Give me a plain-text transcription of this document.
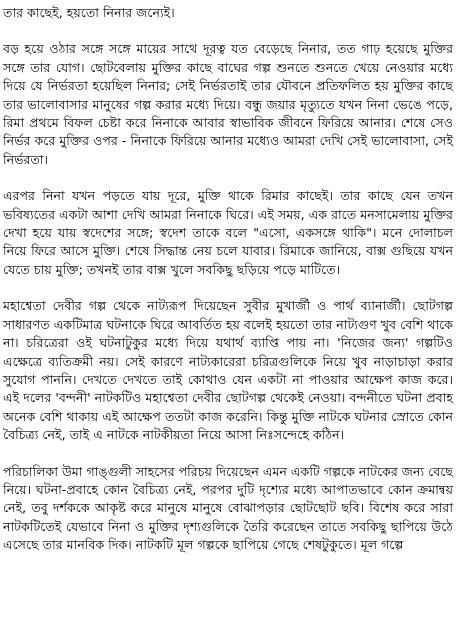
তার কাছেই, হয়তো নিনার জন্যেই।

বড় হয়ে ওঠার সঙ্গে সঙ্গে মায়ের সাথে দূরত্ব যত বেড়েছে নিনার, তত গাঢ় হয়েছে মুক্তির সঙ্গে তার যোগ। ছোটবেলায় মুক্তির কাছে বাঘের গল্প শুনতে শুনতে খেয়ে নেওয়ার মধ্যে দিয়ে যে নির্ভরতা হয়েছিল নিনার; সেই নির্ভরতাই তার যৌবনে প্রতিফলিত হয় মুক্তির কাছে তার ভালোবাসার মানুষের গল্প করার মধ্যে দিয়ে। বন্ধু জয়ার মৃত্যুতে যখন নিনা ভেঙে পড়ে, রিমা প্রথমে বিফল চেষ্টা করে নিনাকে আবার স্বাভাবিক জীবনে ফিরিয়ে আনার। শেষে সেও নির্ভর করে মুক্তির ওপর - নিনাকে ফিরিয়ে আনার মধ্যেও আমরা দেখি সেই ভালোবাসা, সেই নির্ভরতা।

এরপর নিনা যখন পড়তে যায় দূরে, মুক্তি থাকে রিমার কাছেই। তার কাছে যেন তখন ভবিষ্যতের একটা আশা দেখি আমরা নিনাকে ঘিরে। এই সময়, এক রাতে মনসামেলায় মুক্তির দেখা হয়ে যায় স্বদেশের সঙ্গে; স্বদেশ তাকে বলে "এসো, একসঙ্গে থাকি"। মনে দোলাচল নিয়ে ফিরে আসে মুক্তি। শেষে সিদ্ধান্ত নেয় চলে যাবার। রিমাকে জানিয়ে, বাক্স গুছিয়ে যখন যেতে চায় মুক্তি; তখনই তার বাক্স খুলে সবকিছু ছড়িয়ে পড়ে মাটিতে।

মহাশ্বেতা দেবীর গল্প থেকে নাট্যরূপ দিয়েছেন সুবীর মুখার্জী ও পার্থ ব্যানার্জী। ছোটগল্প সাধারণত একটিমাত্র ঘটনাকে ঘিরে আবর্তিত হয় বলেই হয়তো তার নাট্যগুণ খুব বেশি থাকে না। চরিত্রেরা ওই ঘটনাটুকুর মধ্যে দিয়ে যথার্থ ব্যাপ্তি পায় না। 'নিজের জন্য' গল্পটিও এক্ষেত্রে ব্যতিক্রমী নয়। সেই কারণে নাট্যকারেরা চরিত্রগুলিকে নিয়ে খুব নাড়াচাড়া করার সুযোগ পাননি। দেখতে দেখতে তাই কোথাও যেন একটা না পাওয়ার আক্ষেপ কাজ করে। এই দলের 'বন্দনী' নাটকটিও মহাশ্বেতা দেবীর ছোটগল্প থেকেই নেওয়া। বন্দনীতে ঘটনা প্রবাহ অনেক বেশি থাকায় এই আক্ষেপ ততটা কাজ করেনি। কিন্তু মুক্তি নাটকে ঘটনার স্রোতে কোন বৈচিত্র্য নেই, তাই এ নাটকে নাটকীয়তা নিয়ে আসা নিঃসন্দেহে কঠিন।

পরিচালিকা উমা গাঙ্গুলী সাহসের পরিচয় দিয়েছেন এমন একটি গল্পকে নাটকের জন্য বেছে নিয়ে। ঘটনা-প্রবাহে কোন বৈচিত্র্য নেই, পরপর দুটি দৃশ্যের মধ্যে আপাতভাবে কোন ক্রমান্বয় নেই, তবু দর্শককে আকৃষ্ট করে মানুষে মানুষে বোঝাপড়ার ছোটছোট ছবি। বিশেষ করে সারা নাটকটিতেই যেভাবে নিনা ও মুক্তির দৃশ্যগুলিকে তৈরি করেছেন তাতে সবকিছু ছাপিয়ে উঠে এসেছে তার মানবিক দিক। নাটকটি মূল গল্পকে ছাপিয়ে গেছে শেষটুকুতে। মূল গল্পে
